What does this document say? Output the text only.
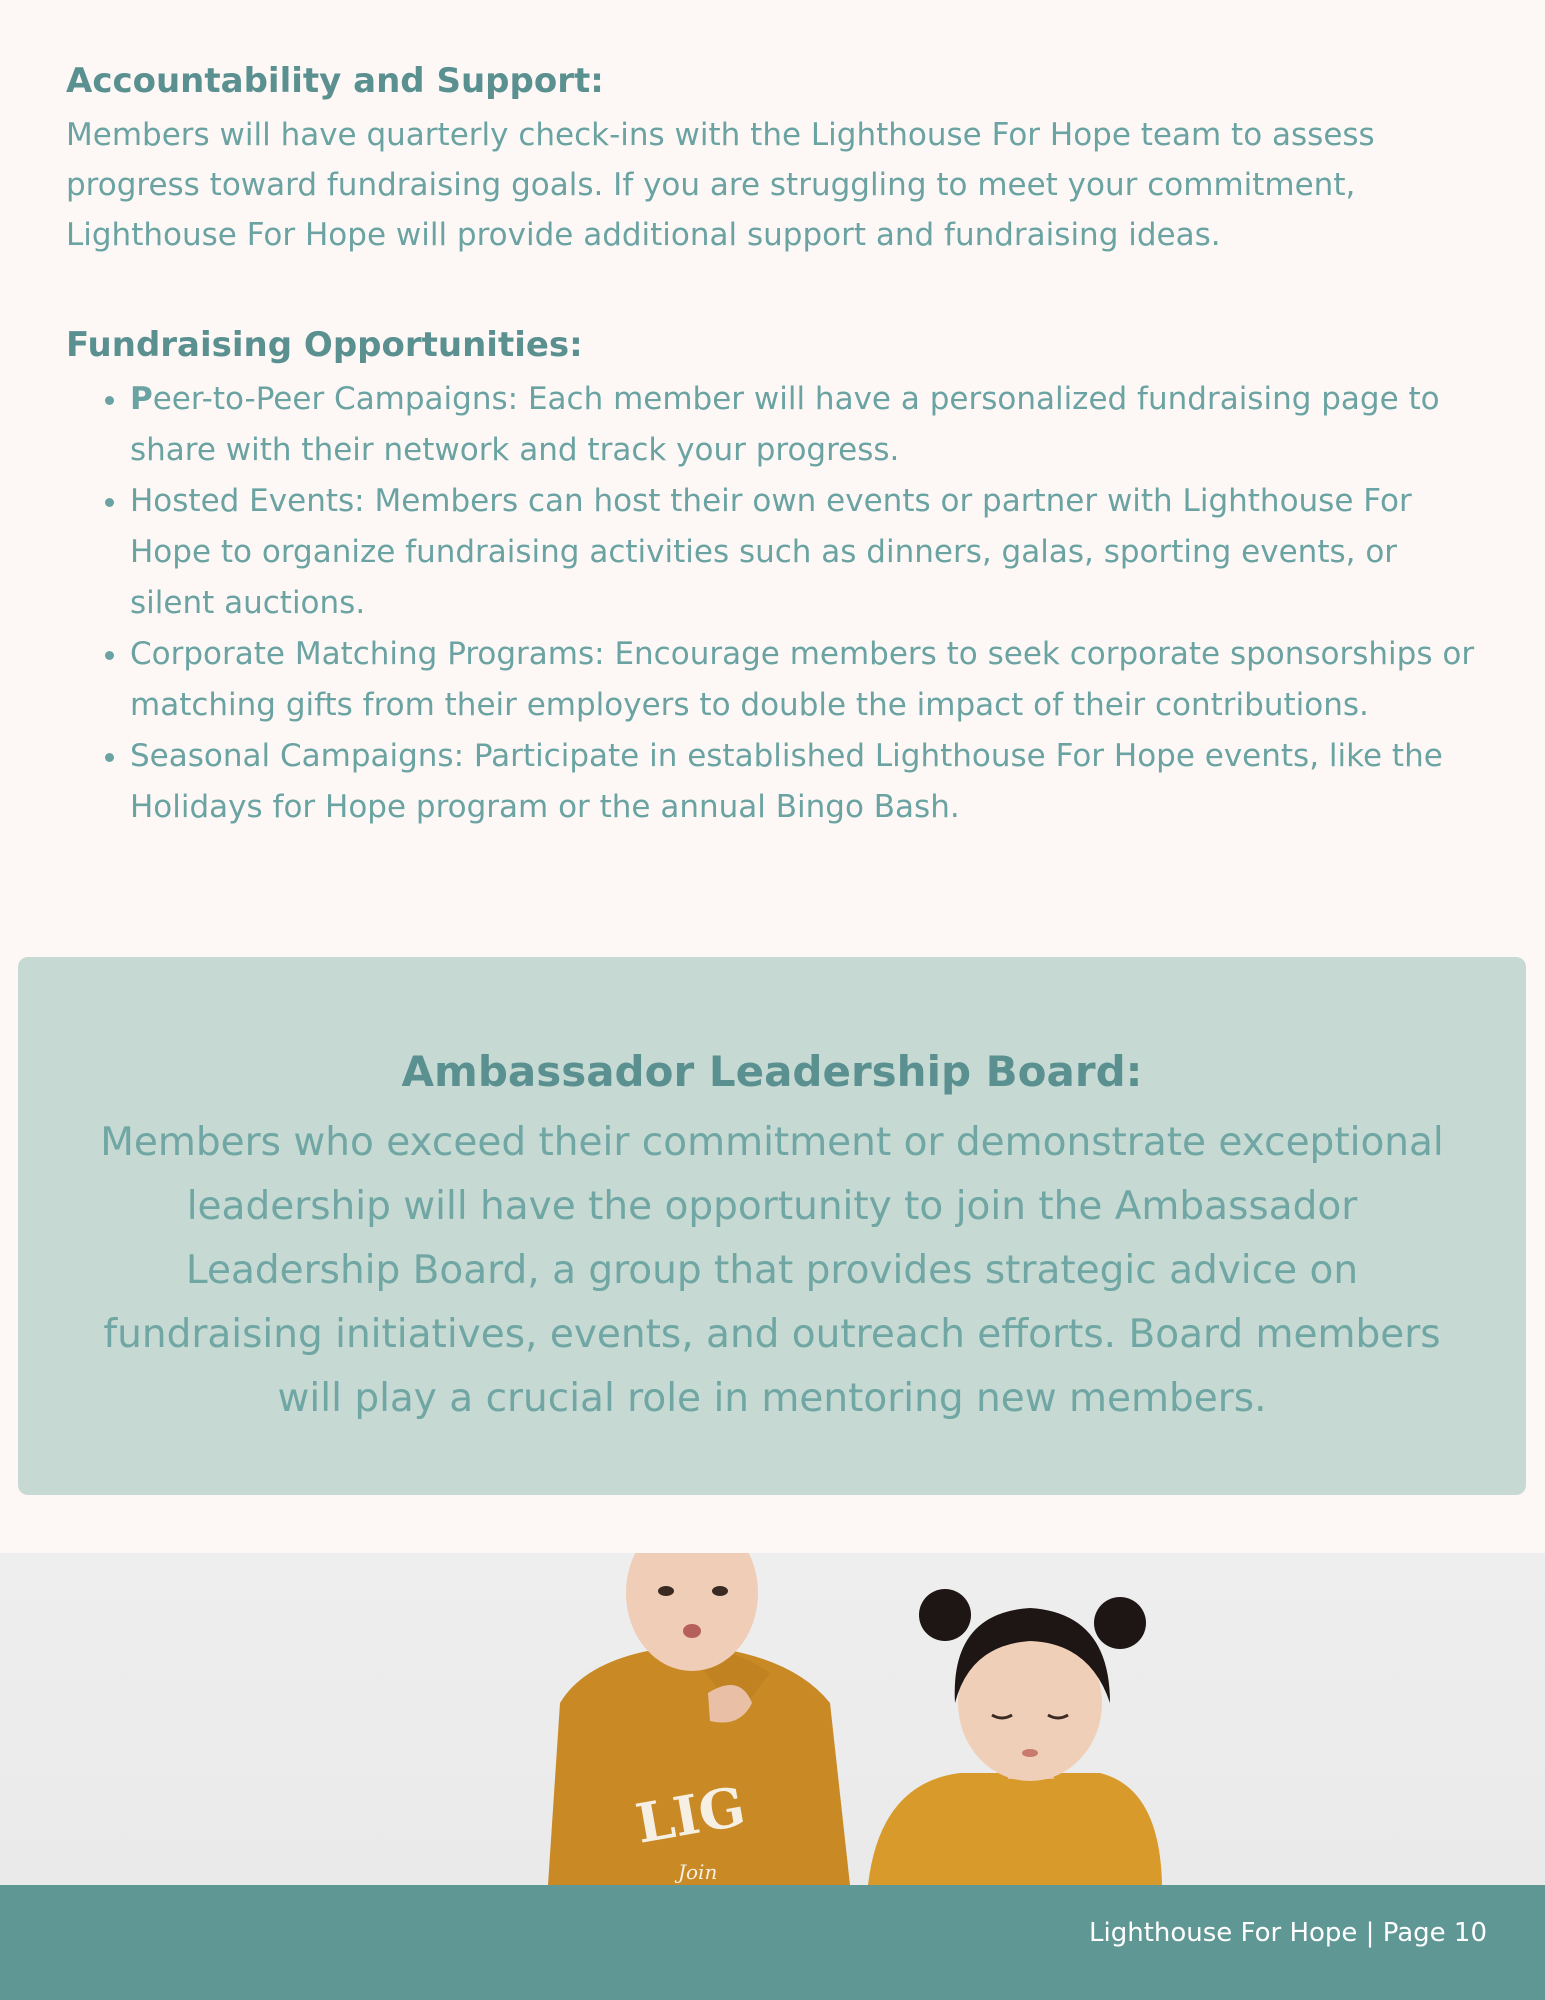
Accountability and Support:

Members will have quarterly check-ins with the Lighthouse For Hope team to assess progress toward fundraising goals. If you are struggling to meet your commitment, Lighthouse For Hope will provide additional support and fundraising ideas.

Fundraising Opportunities:
• Peer-to-Peer Campaigns: Each member will have a personalized fundraising page to share with their network and track your progress.
• Hosted Events: Members can host their own events or partner with Lighthouse For Hope to organize fundraising activities such as dinners, galas, sporting events, or silent auctions.
• Corporate Matching Programs: Encourage members to seek corporate sponsorships or matching gifts from their employers to double the impact of their contributions.
• Seasonal Campaigns: Participate in established Lighthouse For Hope events, like the Holidays for Hope program or the annual Bingo Bash.
Ambassador Leadership Board:

Members who exceed their commitment or demonstrate exceptional leadership will have the opportunity to join the Ambassador Leadership Board, a group that provides strategic advice on fundraising initiatives, events, and outreach efforts. Board members will play a crucial role in mentoring new members.

LIG
Join
Lighthouse For Hope | Page 10
